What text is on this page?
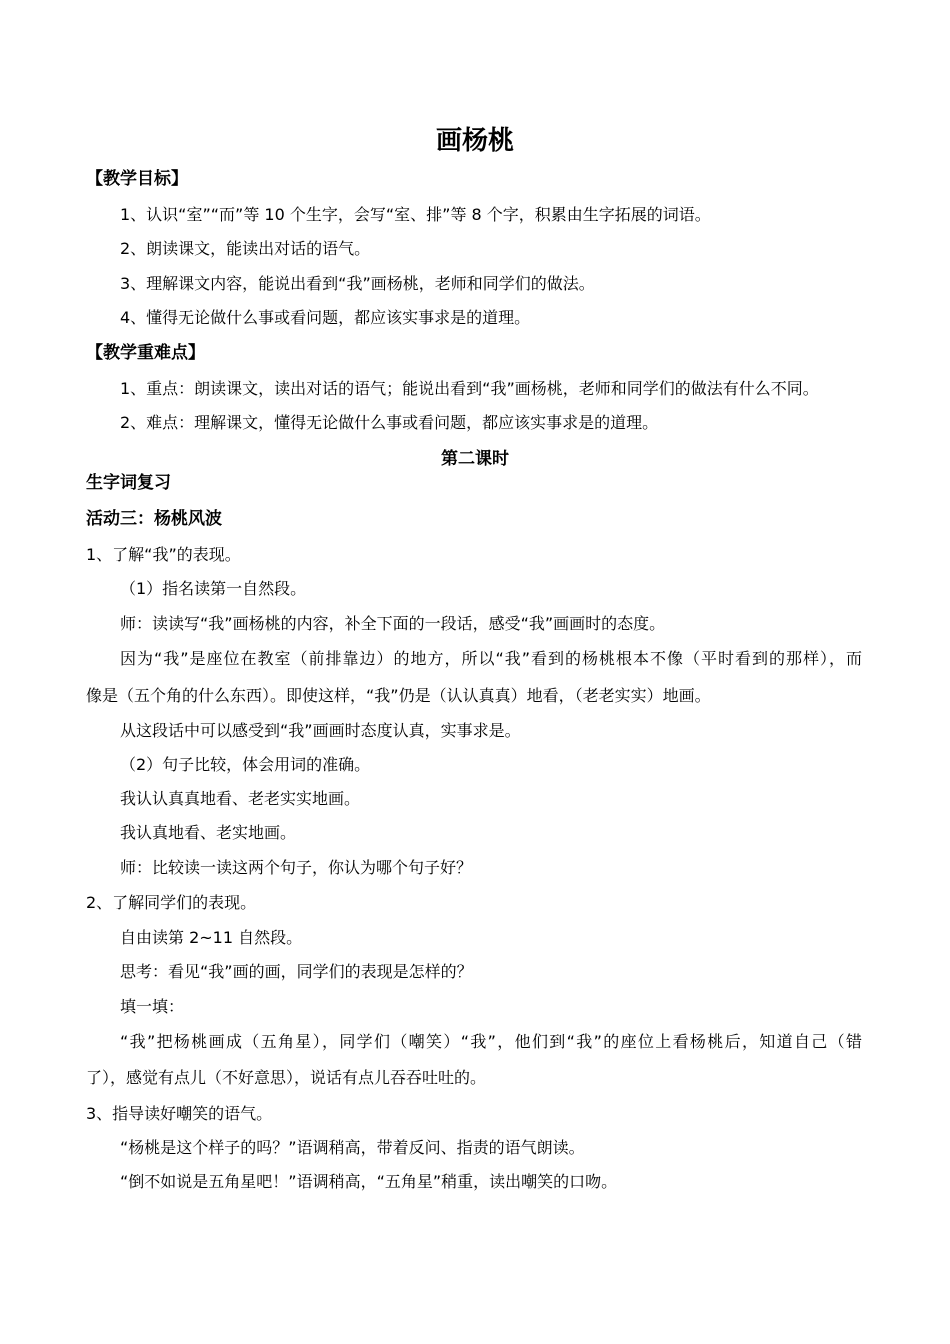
画杨桃

【教学目标】

1、认识“室”“而”等 10 个生字，会写“室、排”等 8 个字，积累由生字拓展的词语。

2、朗读课文，能读出对话的语气。

3、理解课文内容，能说出看到“我”画杨桃，老师和同学们的做法。

4、懂得无论做什么事或看问题，都应该实事求是的道理。

【教学重难点】

1、重点：朗读课文，读出对话的语气；能说出看到“我”画杨桃，老师和同学们的做法有什么不同。

2、难点：理解课文，懂得无论做什么事或看问题，都应该实事求是的道理。

第二课时

生字词复习

活动三：杨桃风波

1、了解“我”的表现。

（1）指名读第一自然段。

师：读读写“我”画杨桃的内容，补全下面的一段话，感受“我”画画时的态度。

因为“我”是座位在教室（前排靠边）的地方，所以“我”看到的杨桃根本不像（平时看到的那样），而

像是（五个角的什么东西）。即使这样，“我”仍是（认认真真）地看，（老老实实）地画。

从这段话中可以感受到“我”画画时态度认真，实事求是。

（2）句子比较，体会用词的准确。

我认认真真地看、老老实实地画。

我认真地看、老实地画。

师：比较读一读这两个句子，你认为哪个句子好？

2、了解同学们的表现。

自由读第 2~11 自然段。

思考：看见“我”画的画，同学们的表现是怎样的？

填一填：

“我”把杨桃画成（五角星），同学们（嘲笑）“我”，他们到“我”的座位上看杨桃后，知道自己（错

了），感觉有点儿（不好意思），说话有点儿吞吞吐吐的。

3、指导读好嘲笑的语气。

“杨桃是这个样子的吗？”语调稍高，带着反问、指责的语气朗读。

“倒不如说是五角星吧！”语调稍高，“五角星”稍重，读出嘲笑的口吻。
